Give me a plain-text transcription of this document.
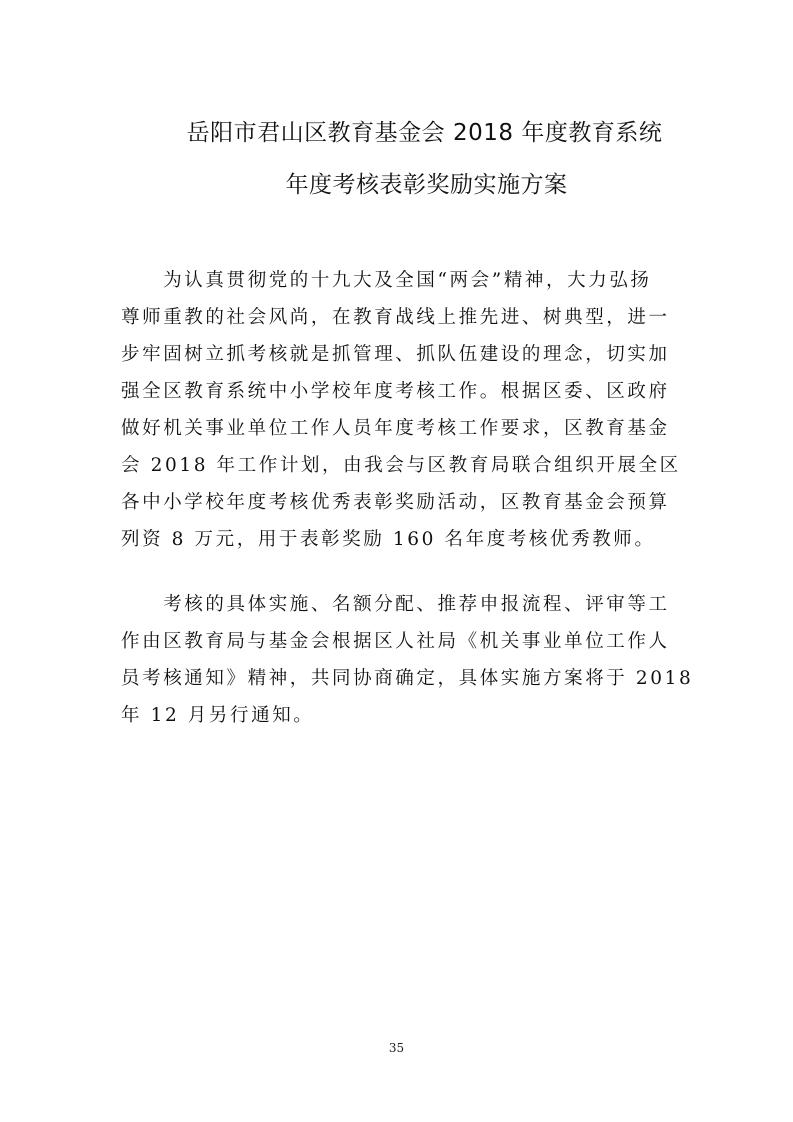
岳阳市君山区教育基金会 2018 年度教育系统
年度考核表彰奖励实施方案
　　为认真贯彻党的十九大及全国“两会”精神，大力弘扬
尊师重教的社会风尚，在教育战线上推先进、树典型，进一
步牢固树立抓考核就是抓管理、抓队伍建设的理念，切实加
强全区教育系统中小学校年度考核工作。根据区委、区政府
做好机关事业单位工作人员年度考核工作要求，区教育基金
会 2018 年工作计划，由我会与区教育局联合组织开展全区
各中小学校年度考核优秀表彰奖励活动，区教育基金会预算
列资 8 万元，用于表彰奖励 160 名年度考核优秀教师。
　　考核的具体实施、名额分配、推荐申报流程、评审等工
作由区教育局与基金会根据区人社局《机关事业单位工作人
员考核通知》精神，共同协商确定，具体实施方案将于 2018
年 12 月另行通知。
35
